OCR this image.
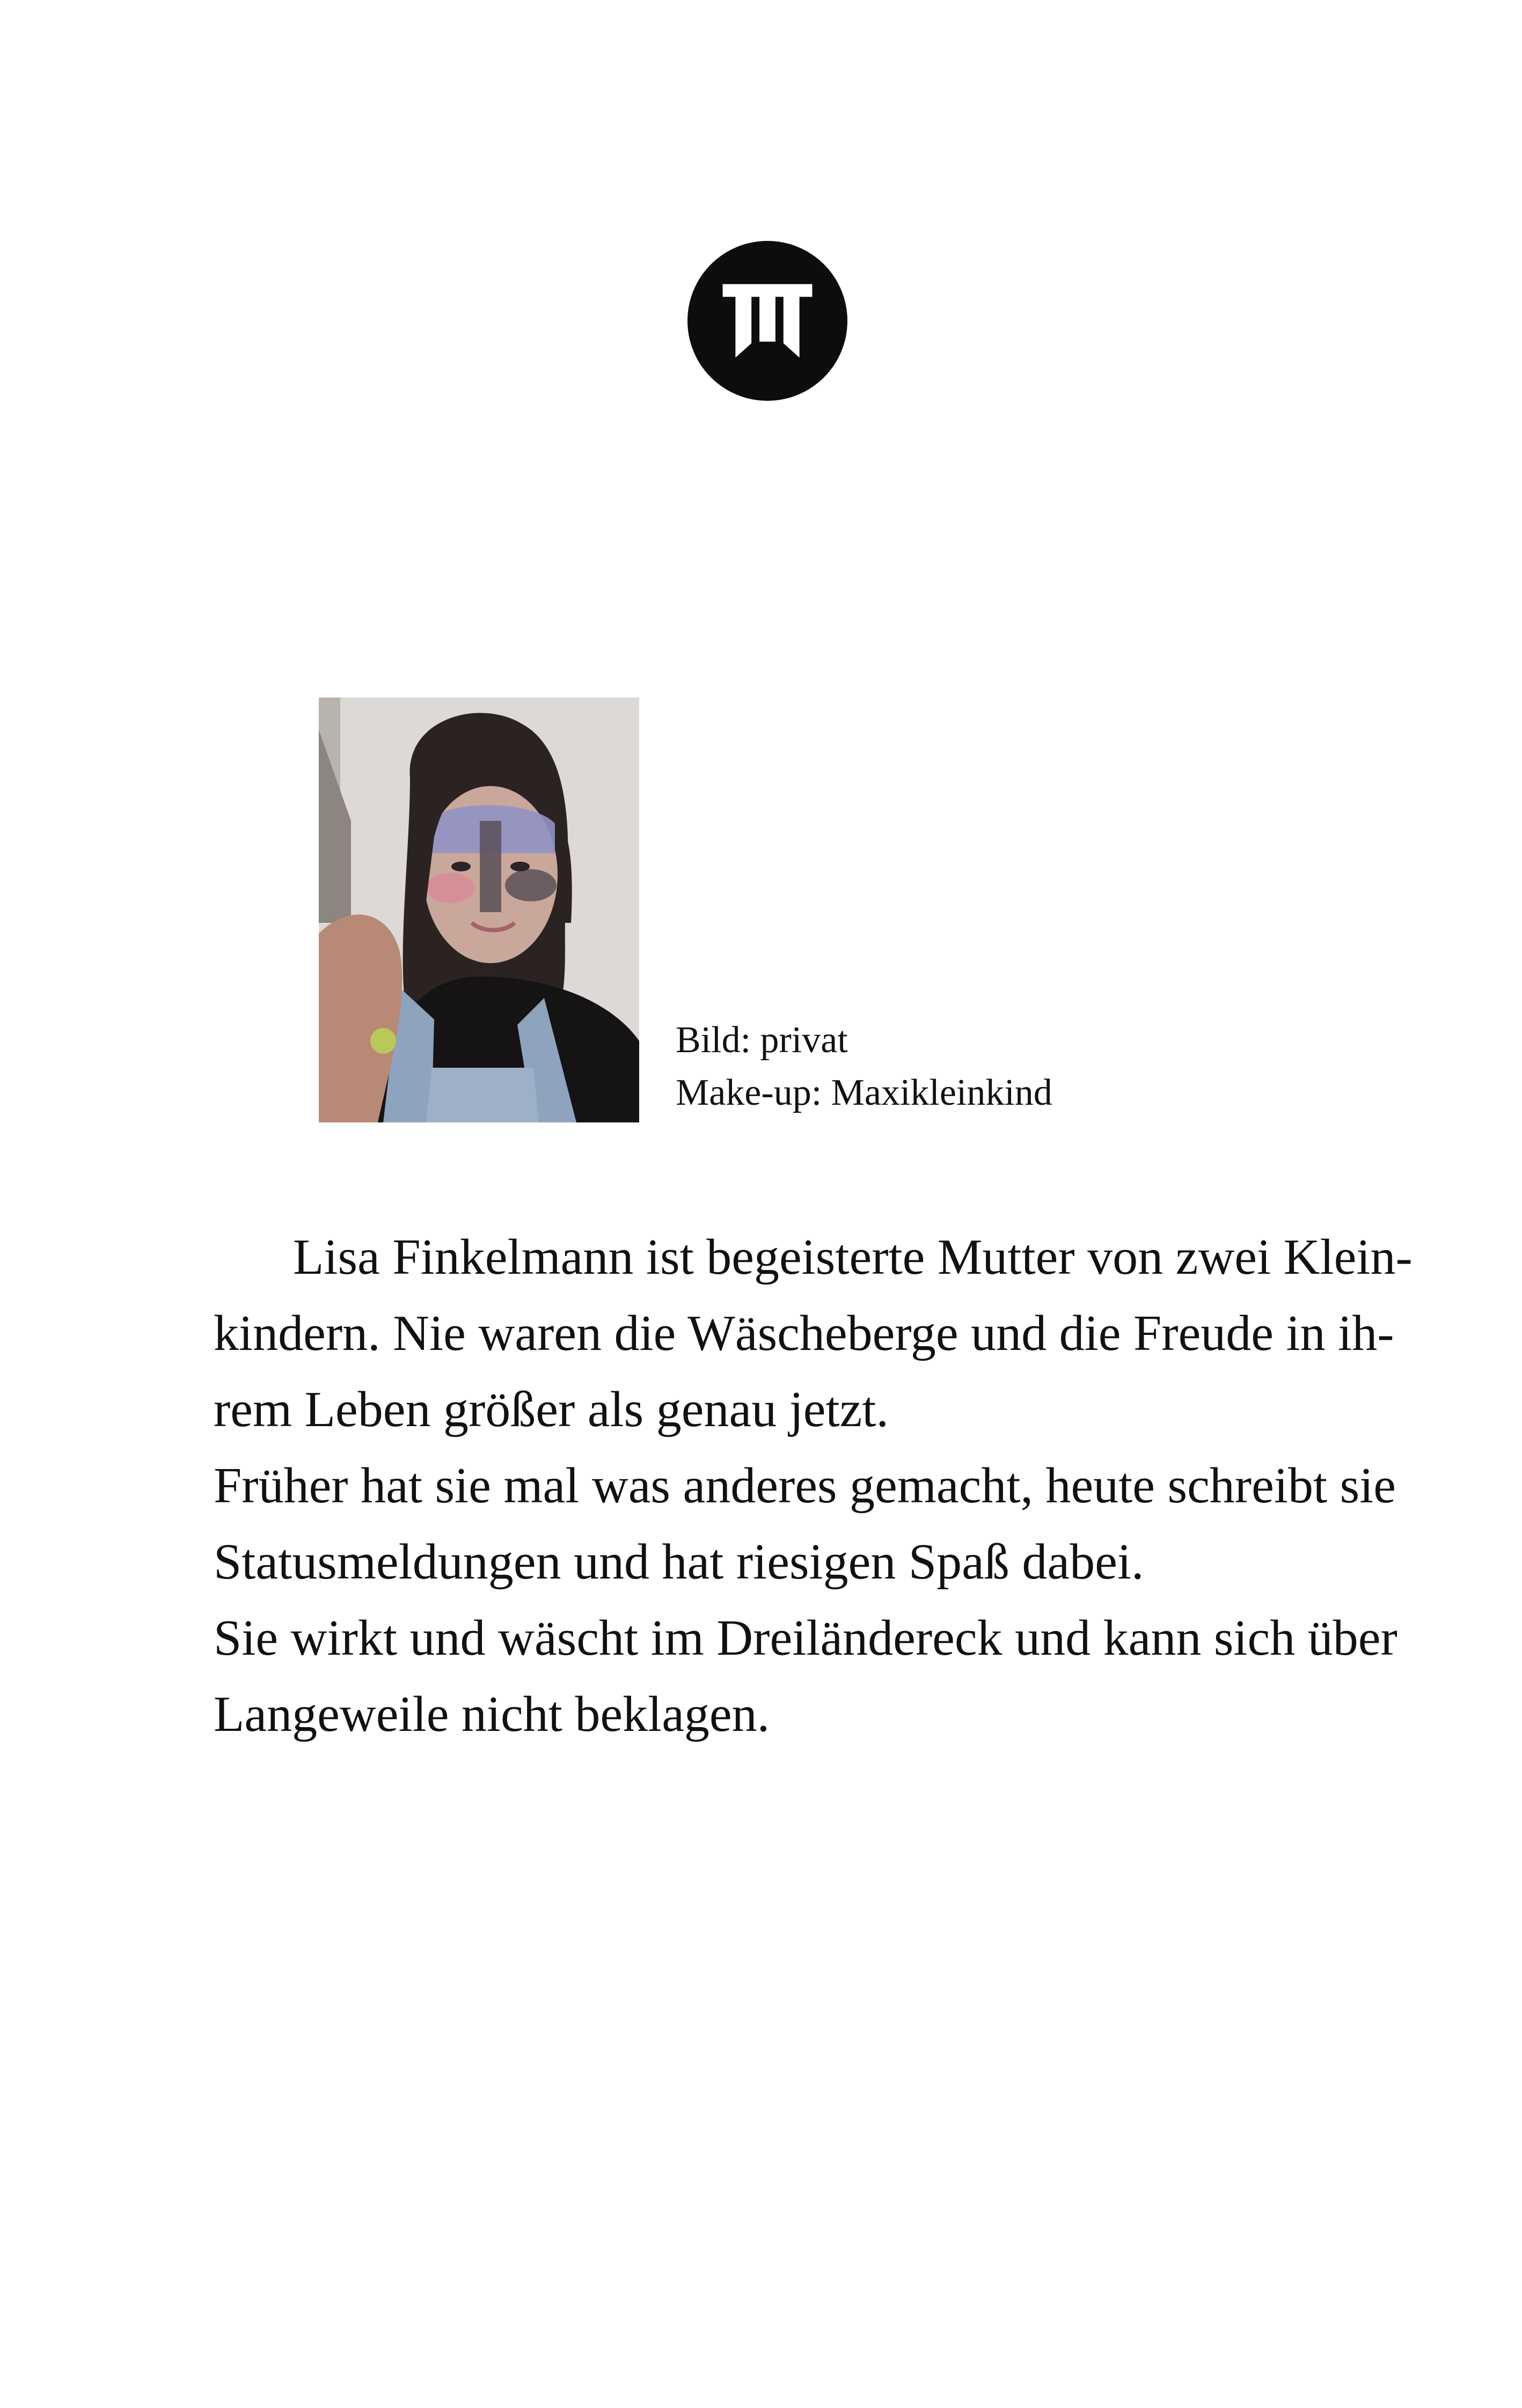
Bild: privat
Make-up: Maxikleinkind
Lisa Finkelmann ist begeisterte Mutter von zwei Klein-
kindern. Nie waren die Wäscheberge und die Freude in ih-
rem Leben größer als genau jetzt.
Früher hat sie mal was anderes gemacht, heute schreibt sie
Statusmeldungen und hat riesigen Spaß dabei.
Sie wirkt und wäscht im Dreiländereck und kann sich über
Langeweile nicht beklagen.
